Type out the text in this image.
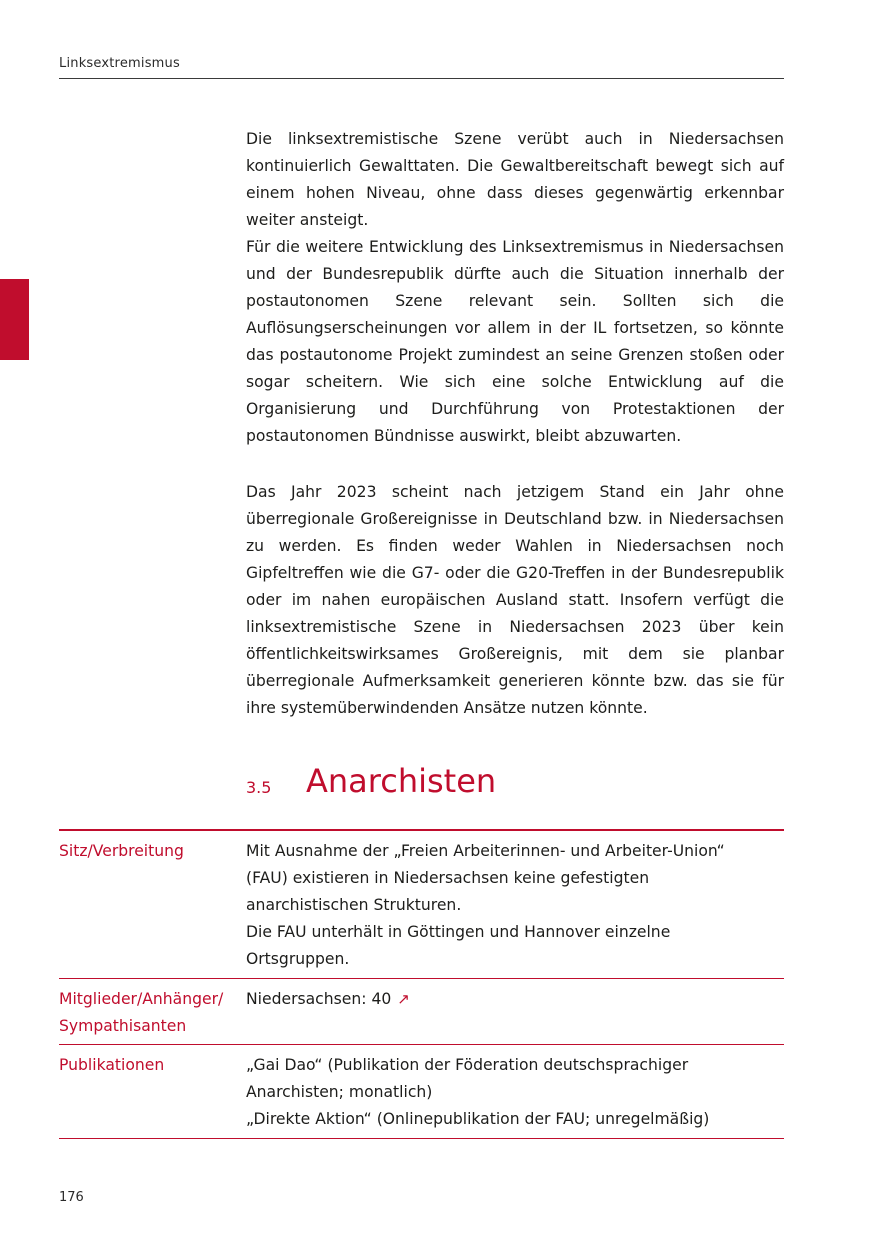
Linksextremismus

Die linksextremistische Szene verübt auch in Niedersachsen kontinuierlich Gewalttaten. Die Gewaltbereitschaft bewegt sich auf einem hohen Niveau, ohne dass dieses gegenwärtig erkennbar weiter ansteigt.

Für die weitere Entwicklung des Linksextremismus in Niedersachsen und der Bundesrepublik dürfte auch die Situation innerhalb der postautonomen Szene relevant sein. Sollten sich die Auflösungserscheinungen vor allem in der IL fortsetzen, so könnte das postautonome Projekt zumindest an seine Grenzen stoßen oder sogar scheitern. Wie sich eine solche Entwicklung auf die Organisierung und Durchführung von Protestaktionen der postautonomen Bündnisse auswirkt, bleibt abzuwarten.

Das Jahr 2023 scheint nach jetzigem Stand ein Jahr ohne überregionale Großereignisse in Deutschland bzw. in Niedersachsen zu werden. Es finden weder Wahlen in Niedersachsen noch Gipfeltreffen wie die G7- oder die G20-Treffen in der Bundesrepublik oder im nahen europäischen Ausland statt. Insofern verfügt die linksextremistische Szene in Niedersachsen 2023 über kein öffentlichkeitswirksames Großereignis, mit dem sie planbar überregionale Aufmerksamkeit generieren könnte bzw. das sie für ihre systemüberwindenden Ansätze nutzen könnte.

3.5 Anarchisten
Sitz/Verbreitung	Mit Ausnahme der „Freien Arbeiterinnen- und Arbeiter-Union“ (FAU) existieren in Niedersachsen keine gefestigten anarchistischen Strukturen.
Die FAU unterhält in Göttingen und Hannover einzelne Ortsgruppen.
Mitglieder/Anhänger/ Sympathisanten
Niedersachsen: 40 ↗
Publikationen	„Gai Dao“ (Publikation der Föderation deutschsprachiger Anarchisten; monatlich)
„Direkte Aktion“ (Onlinepublikation der FAU; unregelmäßig)
176
